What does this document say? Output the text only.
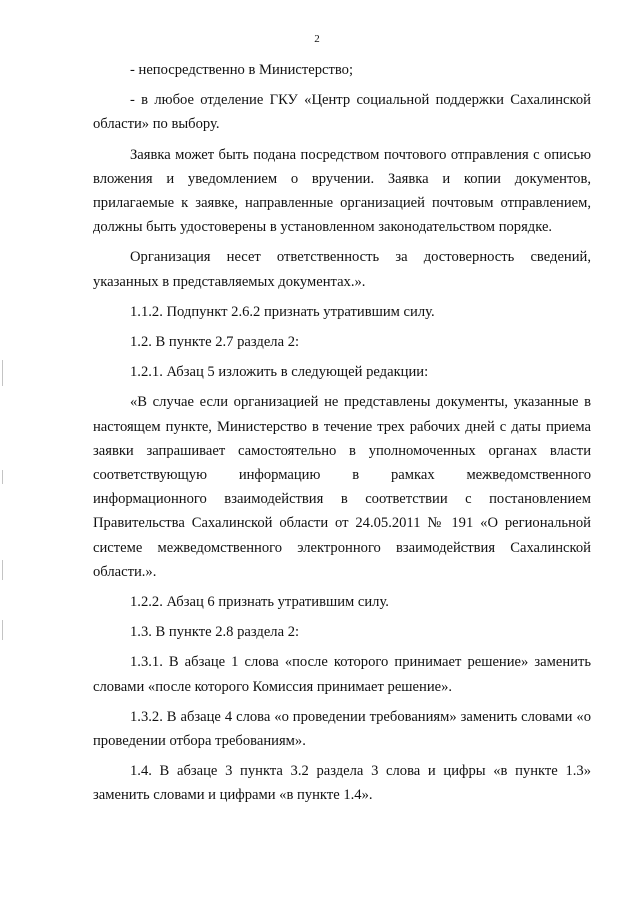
2

- непосредственно в Министерство;

- в любое отделение ГКУ «Центр социальной поддержки Сахалинской области» по выбору.

Заявка может быть подана посредством почтового отправления с описью вложения и уведомлением о вручении. Заявка и копии документов, прилагаемые к заявке, направленные организацией почтовым отправлением, должны быть удостоверены в установленном законодательством порядке.

Организация несет ответственность за достоверность сведений, указанных в представляемых документах.».

1.1.2. Подпункт 2.6.2 признать утратившим силу.

1.2. В пункте 2.7 раздела 2:

1.2.1. Абзац 5 изложить в следующей редакции:

«В случае если организацией не представлены документы, указанные в настоящем пункте, Министерство в течение трех рабочих дней с даты приема заявки запрашивает самостоятельно в уполномоченных органах власти соответствующую информацию в рамках межведомственного информационного взаимодействия в соответствии с постановлением Правительства Сахалинской области от 24.05.2011 № 191 «О региональной системе межведомственного электронного взаимодействия Сахалинской области.».

1.2.2. Абзац 6 признать утратившим силу.

1.3. В пункте 2.8 раздела 2:

1.3.1. В абзаце 1 слова «после которого принимает решение» заменить словами «после которого Комиссия принимает решение».

1.3.2. В абзаце 4 слова «о проведении требованиям» заменить словами «о проведении отбора требованиям».

1.4. В абзаце 3 пункта 3.2 раздела 3 слова и цифры «в пункте 1.3» заменить словами и цифрами «в пункте 1.4».
